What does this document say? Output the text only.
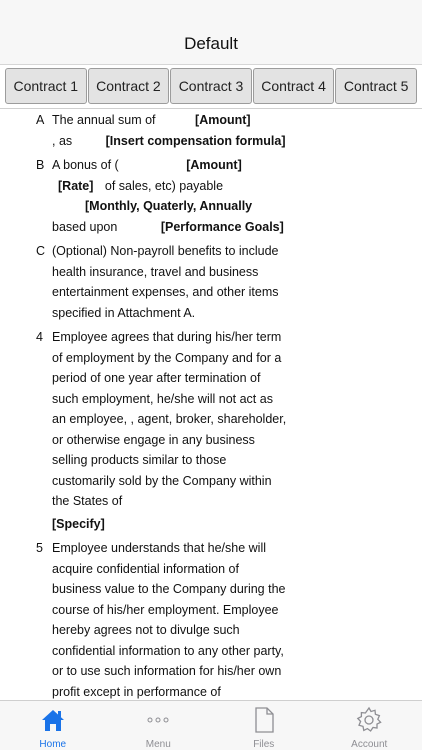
Default
Contract 1	Contract 2	Contract 3	Contract 4	Contract 5
A The annual sum of	[Amount]
, as	[Insert compensation formula]
B A bonus of (	[Amount]
[Rate] of sales, etc) payable
[Monthly, Quaterly, Annually
based upon	[Performance Goals]
C (Optional) Non-payroll benefits to include
health insurance, travel and business
entertainment expenses, and other items
specified in Attachment A.
4 Employee agrees that during his/her term
of employment by the Company and for a
period of one year after termination of
such employment, he/she will not act as
an employee, , agent, broker, shareholder,
or otherwise engage in any business
selling products similar to those
customarily sold by the Company within
the States of
[Specify]
5 Employee understands that he/she will
acquire confidential information of
business value to the Company during the
course of his/her employment. Employee
hereby agrees not to divulge such
confidential information to any other party,
or to use such information for his/her own
profit except in performance of
Home	Menu	Files	Account
